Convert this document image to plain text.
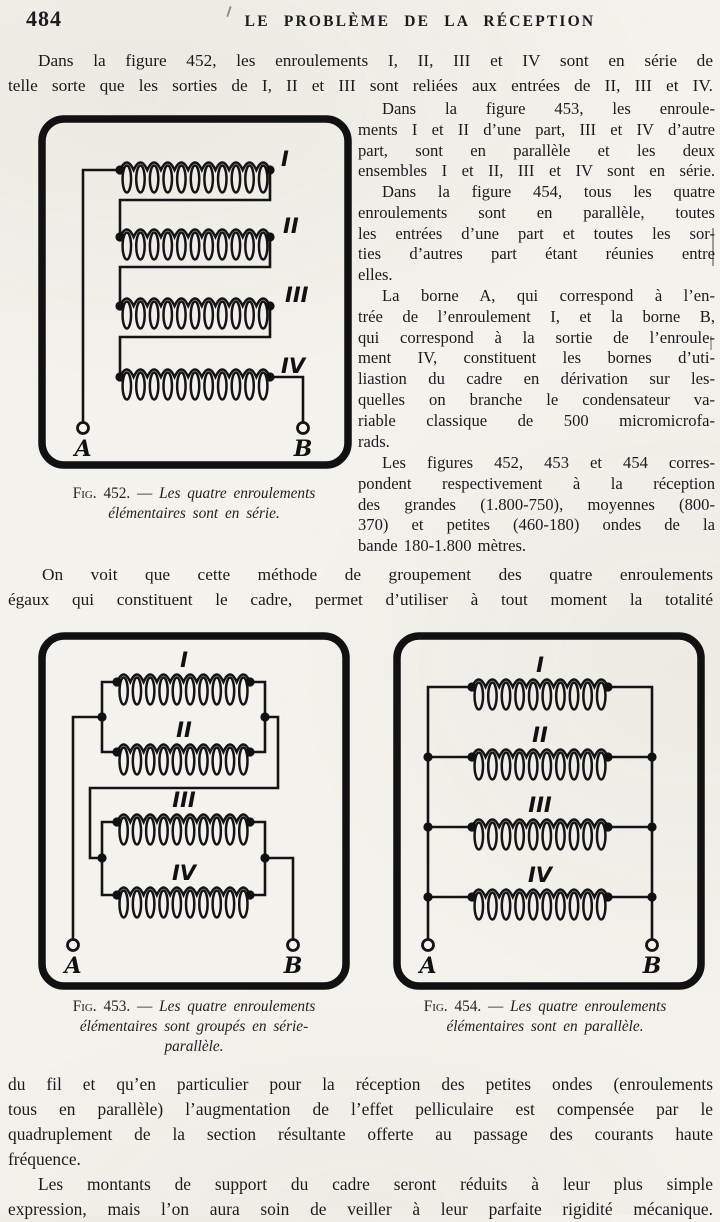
484	LE PROBLÈME DE LA RÉCEPTION
Dans la figure 452, les enroulements I, II, III et IV sont en série de
telle sorte que les sorties de I, II et III sont reliées aux entrées de II, III et IV.
I
II
III
IV
A	B
Fig. 452. — Les quatre enroulements
élémentaires sont en série.
Dans la figure 453, les enroule-
ments I et II d’une part, III et IV d’autre
part, sont en parallèle et les deux
ensembles I et II, III et IV sont en série.
Dans la figure 454, tous les quatre
enroulements sont en parallèle, toutes
les entrées d’une part et toutes les sor-
ties d’autres part étant réunies entre
elles.
La borne A, qui correspond à l’en-
trée de l’enroulement I, et la borne B,
qui correspond à la sortie de l’enroule-
ment IV, constituent les bornes d’uti-
liastion du cadre en dérivation sur les-
quelles on branche le condensateur va-
riable classique de 500 micromicrofa-
rads.
Les figures 452, 453 et 454 corres-
pondent respectivement à la réception
des grandes (1.800-750), moyennes (800-
370) et petites (460-180) ondes de la
bande 180-1.800 mètres.
On voit que cette méthode de groupement des quatre enroulements
égaux qui constituent le cadre, permet d’utiliser à tout moment la totalité
I
II
III
IV
A	B
I
II
III
IV
A	B
Fig. 453. — Les quatre enroulements
élémentaires sont groupés en série-
parallèle.
Fig. 454. — Les quatre enroulements
élémentaires sont en parallèle.
du fil et qu’en particulier pour la réception des petites ondes (enroulements
tous en parallèle) l’augmentation de l’effet pelliculaire est compensée par le
quadruplement de la section résultante offerte au passage des courants haute
fréquence.
Les montants de support du cadre seront réduits à leur plus simple
expression, mais l’on aura soin de veiller à leur parfaite rigidité mécanique.
